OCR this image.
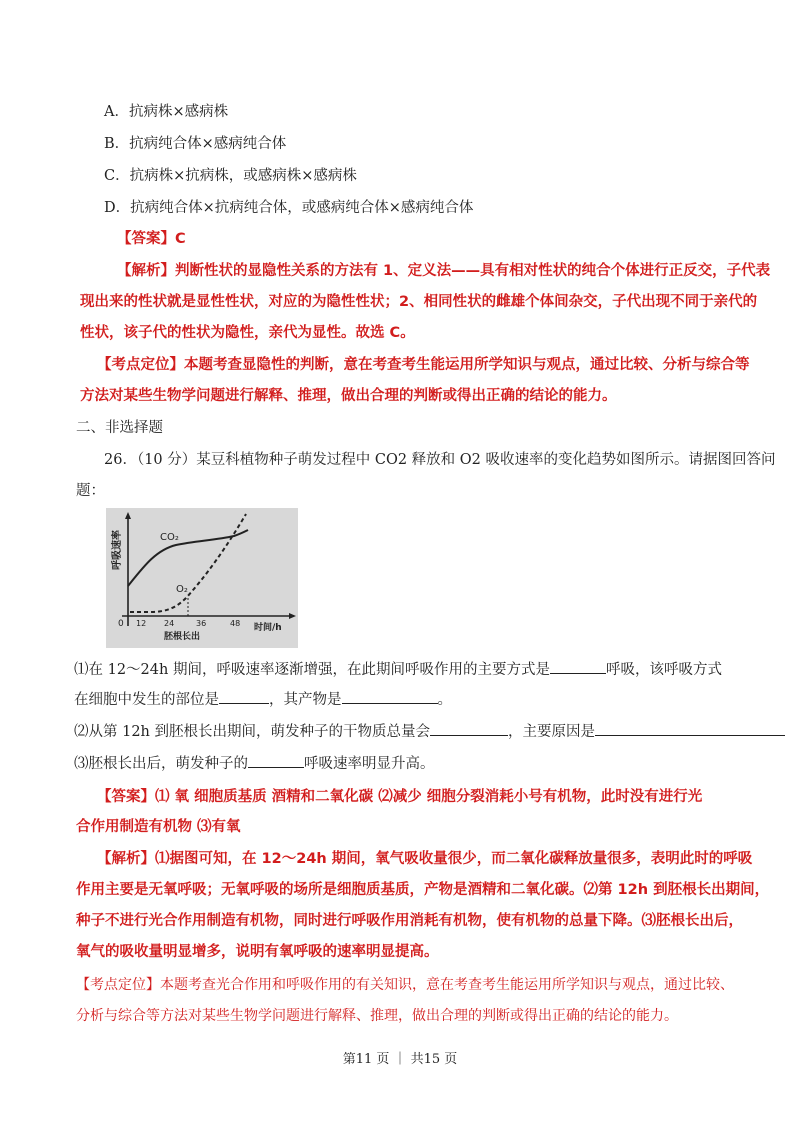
A．抗病株×感病株
B．抗病纯合体×感病纯合体
C．抗病株×抗病株，或感病株×感病株
D．抗病纯合体×抗病纯合体，或感病纯合体×感病纯合体
【答案】C
【解析】判断性状的显隐性关系的方法有 1、定义法——具有相对性状的纯合个体进行正反交，子代表
现出来的性状就是显性性状，对应的为隐性性状；2、相同性状的雌雄个体间杂交，子代出现不同于亲代的
性状，该子代的性状为隐性，亲代为显性。故选 C。
【考点定位】本题考查显隐性的判断，意在考查考生能运用所学知识与观点，通过比较、分析与综合等
方法对某些生物学问题进行解释、推理，做出合理的判断或得出正确的结论的能力。
二、非选择题
26．（10 分）某豆科植物种子萌发过程中 CO2 释放和 O2 吸收速率的变化趋势如图所示。请据图回答问
题：
呼吸速率	CO₂
O₂
0 12 24	36	48
胚根长出
时间/h
⑴在 12～24h 期间，呼吸速率逐渐增强，在此期间呼吸作用的主要方式是	呼吸，该呼吸方式
在细胞中发生的部位是	，其产物是	。
⑵从第 12h 到胚根长出期间，萌发种子的干物质总量会	，主要原因是
⑶胚根长出后，萌发种子的	呼吸速率明显升高。
【答案】⑴ 氧 细胞质基质 酒精和二氧化碳 ⑵减少 细胞分裂消耗小号有机物，此时没有进行光
合作用制造有机物 ⑶有氧
【解析】⑴据图可知，在 12～24h 期间，氧气吸收量很少，而二氧化碳释放量很多，表明此时的呼吸
作用主要是无氧呼吸；无氧呼吸的场所是细胞质基质，产物是酒精和二氧化碳。⑵第 12h 到胚根长出期间，
种子不进行光合作用制造有机物，同时进行呼吸作用消耗有机物，使有机物的总量下降。⑶胚根长出后，
氧气的吸收量明显增多，说明有氧呼吸的速率明显提高。
【考点定位】本题考查光合作用和呼吸作用的有关知识，意在考查考生能运用所学知识与观点，通过比较、
分析与综合等方法对某些生物学问题进行解释、推理，做出合理的判断或得出正确的结论的能力。
第11 页 ｜ 共15 页
